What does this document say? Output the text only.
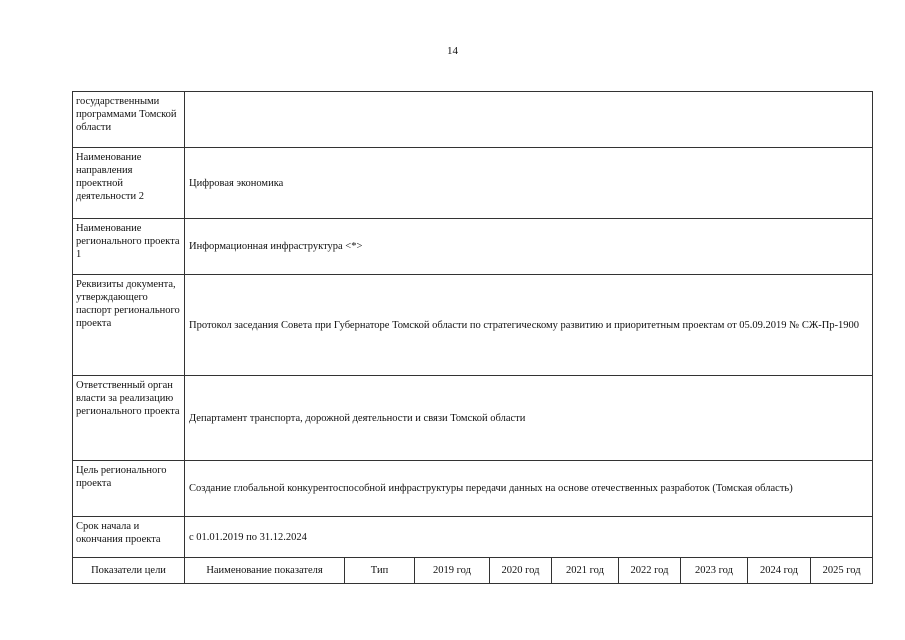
14
государственными программами Томской области									
Наименование направления проектной деятельности 2	Цифровая экономика								
Наименование регионального проекта 1	Информационная инфраструктура <*>								
Реквизиты документа, утверждающего паспорт регионального проекта	Протокол заседания Совета при Губернаторе Томской области по стратегическому развитию и приоритетным проектам от 05.09.2019 № СЖ-Пр-1900								
Ответственный орган власти за реализацию регионального проекта	Департамент транспорта, дорожной деятельности и связи Томской области								
Цель регионального проекта	Создание глобальной конкурентоспособной инфраструктуры передачи данных на основе отечественных разработок (Томская область)								
Срок начала и окончания проекта	с 01.01.2019 по 31.12.2024								
Показатели цели	Наименование показателя	Тип	2019 год	2020 год	2021 год	2022 год	2023 год	2024 год	2025 год
